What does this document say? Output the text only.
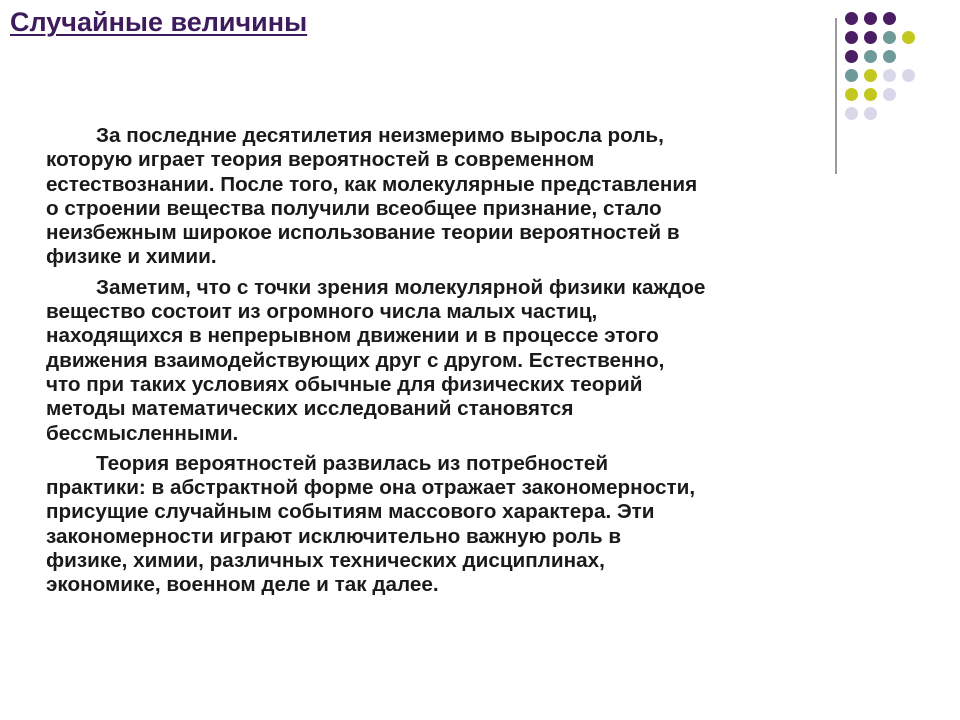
Случайные величины

За последние десятилетия неизмеримо выросла роль,
которую играет теория вероятностей в современном
естествознании. После того, как молекулярные представления
о строении вещества получили всеобщее признание, стало
неизбежным широкое использование теории вероятностей в
физике и химии.

Заметим, что с точки зрения молекулярной физики каждое
вещество состоит из огромного числа малых частиц,
находящихся в непрерывном движении и в процессе этого
движения взаимодействующих друг с другом. Естественно,
что при таких условиях обычные для физических теорий
методы математических исследований становятся
бессмысленными.

Теория вероятностей развилась из потребностей
практики: в абстрактной форме она отражает закономерности,
присущие случайным событиям массового характера. Эти
закономерности играют исключительно важную роль в
физике, химии, различных технических дисциплинах,
экономике, военном деле и так далее.
